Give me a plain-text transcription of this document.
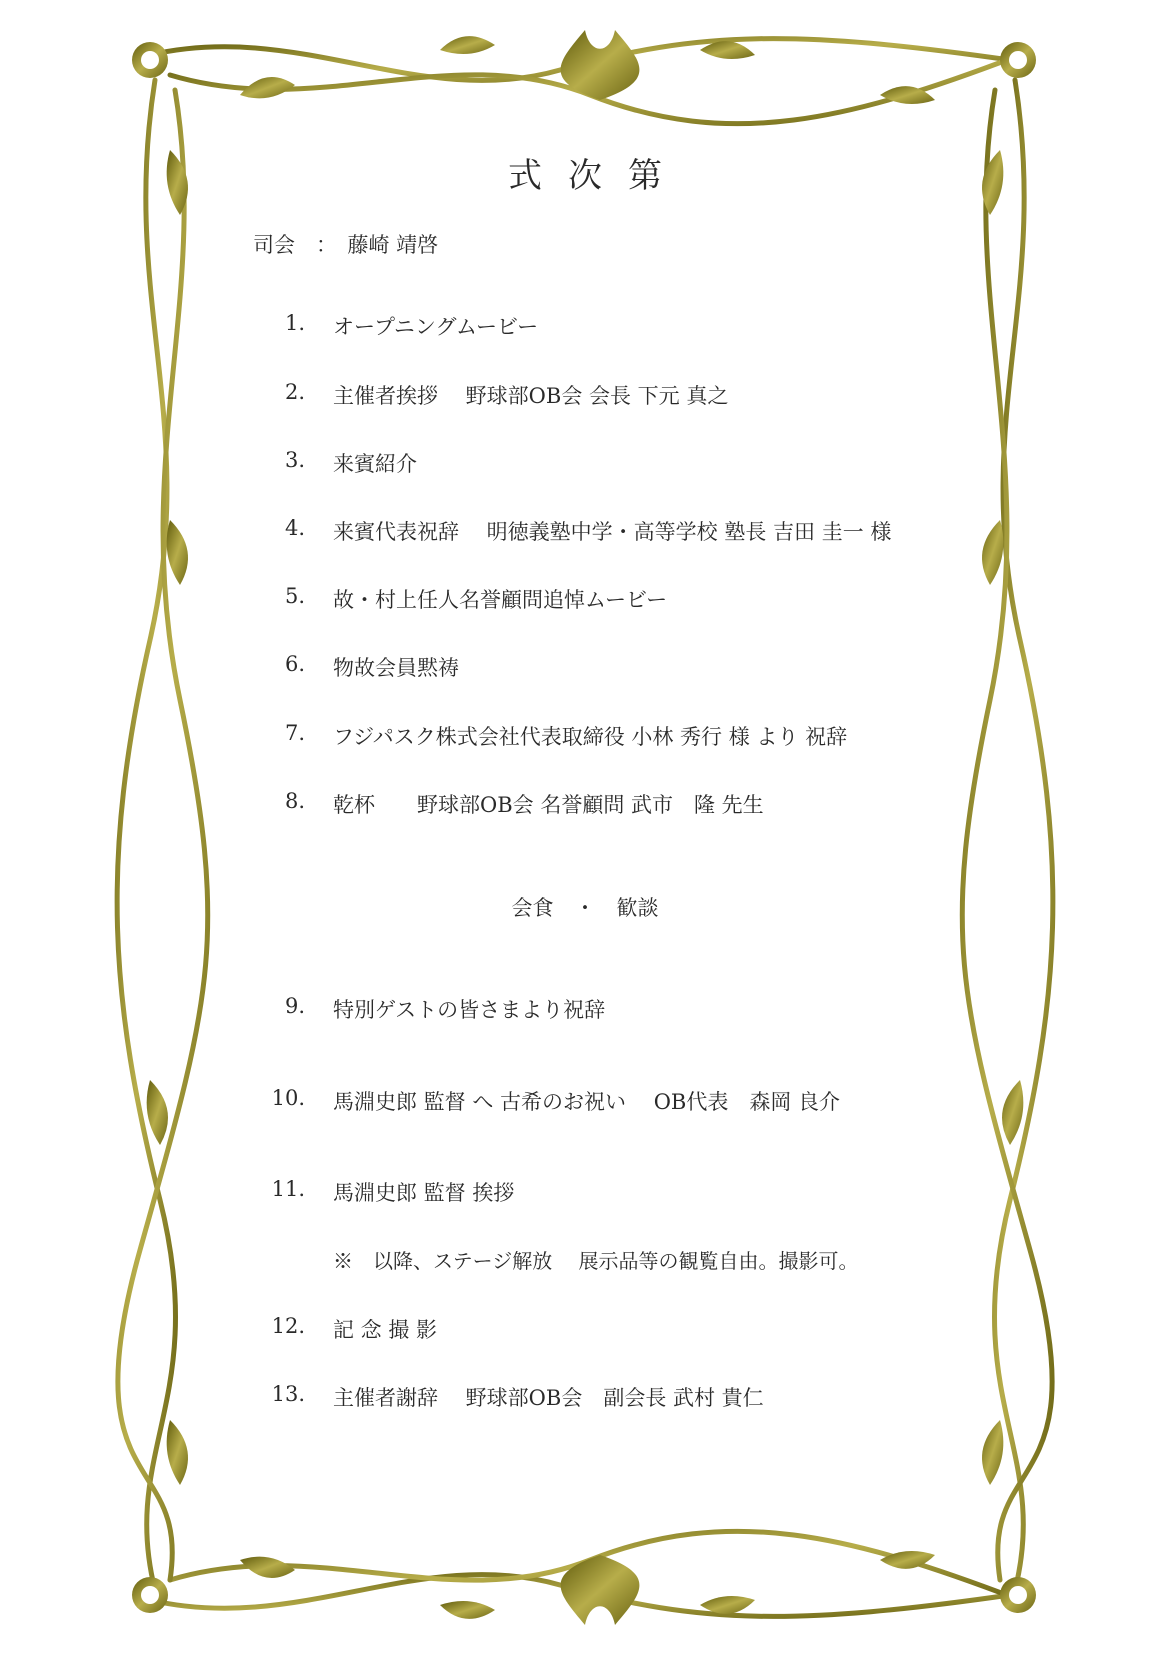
式次第
司会　 ：　 藤崎 靖啓
1. オープニングムービー
2. 主催者挨拶　 野球部OB会 会長 下元 真之
3. 来賓紹介
4. 来賓代表祝辞　 明徳義塾中学・高等学校 塾長 吉田 圭一 様
5. 故・村上任人名誉顧問追悼ムービー
6. 物故会員黙祷
7. フジパスク株式会社代表取締役 小林 秀行 様 より 祝辞
8. 乾杯　　野球部OB会 名誉顧問 武市　隆 先生
会食　・　歓談
9. 特別ゲストの皆さまより祝辞
10. 馬淵史郎 監督 へ 古希のお祝い　 OB代表　森岡 良介
11. 馬淵史郎 監督 挨拶
※　以降、ステージ解放　 展示品等の観覧自由。撮影可。
12. 記 念 撮 影
13. 主催者謝辞　 野球部OB会　副会長 武村 貴仁
